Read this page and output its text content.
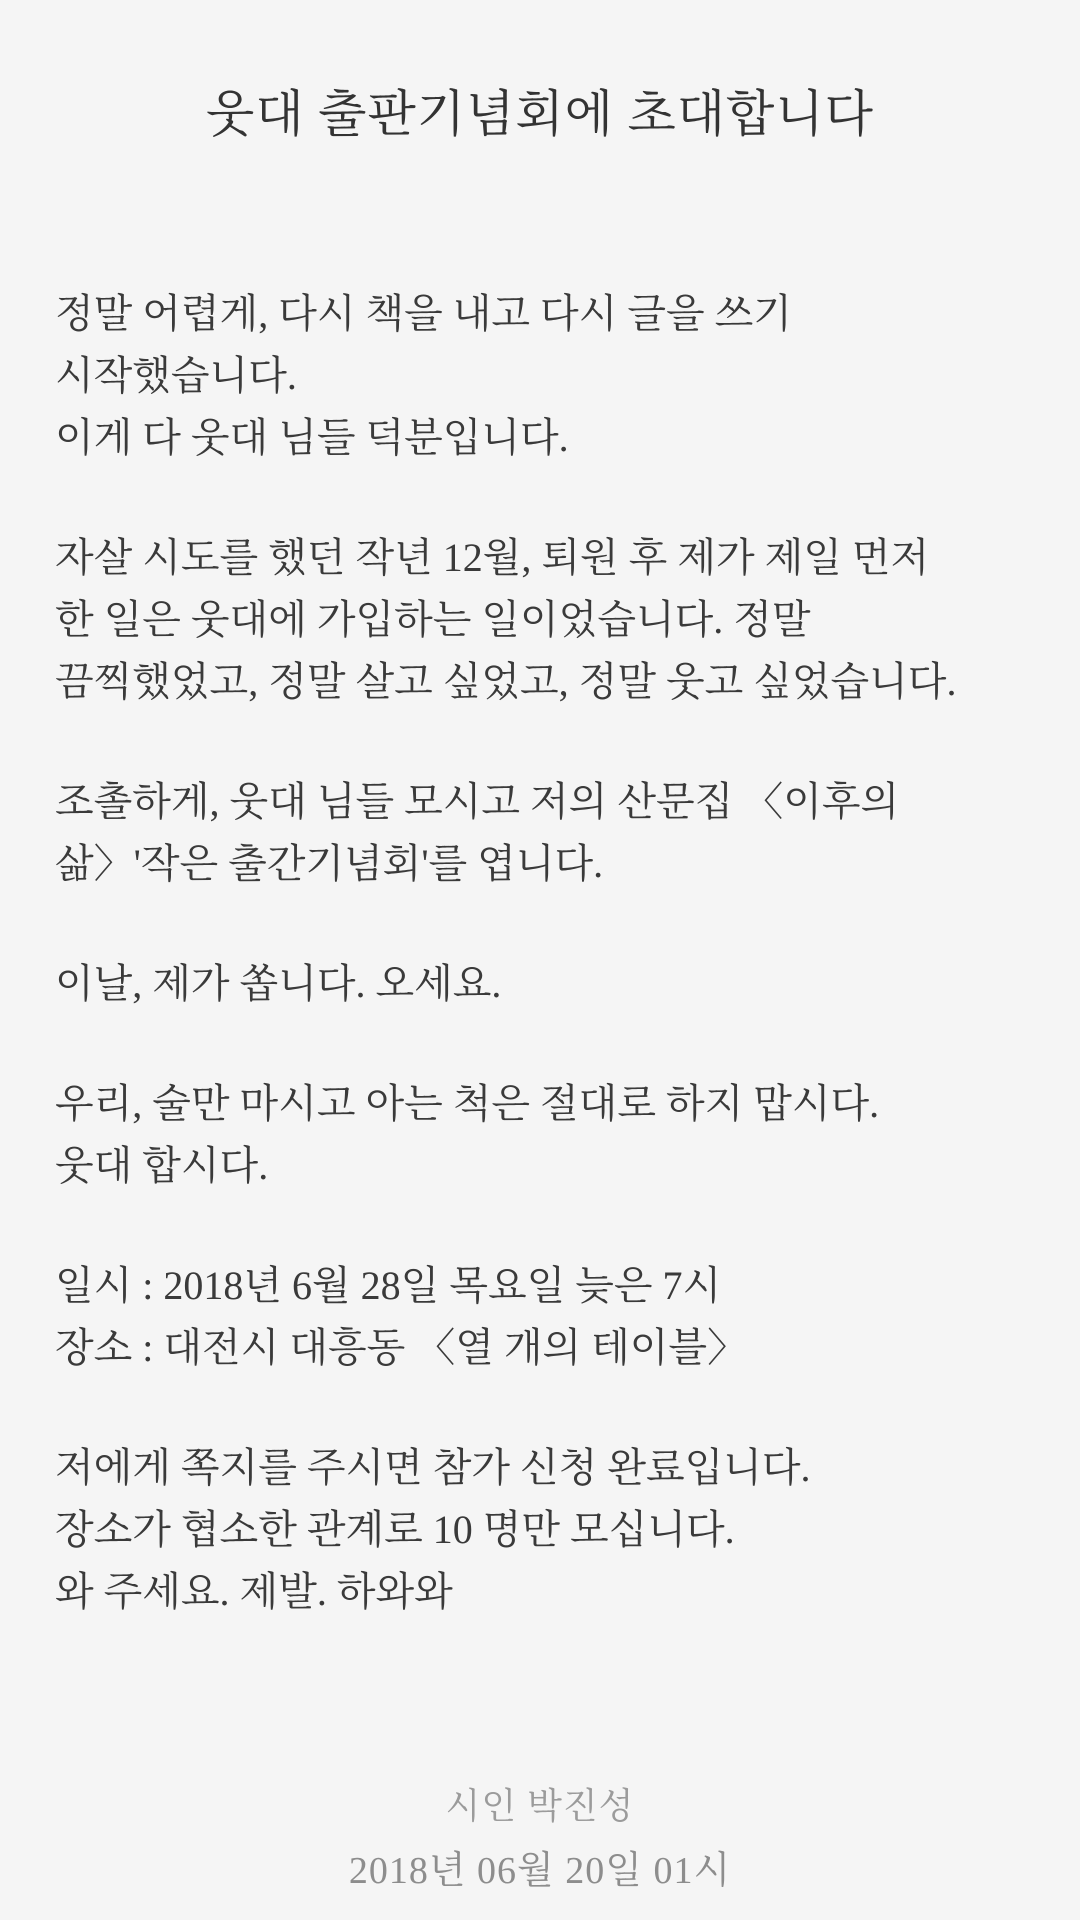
웃대 출판기념회에 초대합니다
정말 어렵게, 다시 책을 내고 다시 글을 쓰기
시작했습니다.
이게 다 웃대 님들 덕분입니다.
자살 시도를 했던 작년 12월, 퇴원 후 제가 제일 먼저
한 일은 웃대에 가입하는 일이었습니다. 정말
끔찍했었고, 정말 살고 싶었고, 정말 웃고 싶었습니다.
조촐하게, 웃대 님들 모시고 저의 산문집 〈이후의
삶〉'작은 출간기념회'를 엽니다.
이날, 제가 쏩니다. 오세요.
우리, 술만 마시고 아는 척은 절대로 하지 맙시다.
웃대 합시다.
일시 : 2018년 6월 28일 목요일 늦은 7시
장소 : 대전시 대흥동 〈열 개의 테이블〉
저에게 쪽지를 주시면 참가 신청 완료입니다.
장소가 협소한 관계로 10 명만 모십니다.
와 주세요. 제발. 하와와
시인 박진성
2018년 06월 20일 01시
